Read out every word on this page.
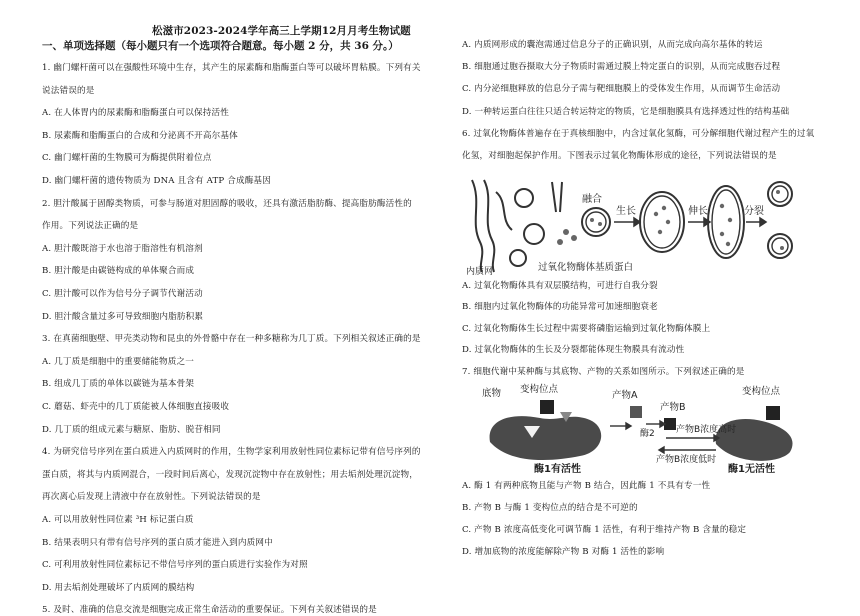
松滋市2023-2024学年高三上学期12月月考生物试题
一、单项选择题（每小题只有一个选项符合题意。每小题 2 分，共 36 分。）
1. 幽门螺杆菌可以在强酸性环境中生存，其产生的尿素酶和脂酶蛋白等可以破坏胃粘膜。下列有关
说法错误的是
A. 在人体胃内的尿素酶和脂酶蛋白可以保持活性
B. 尿素酶和脂酶蛋白的合成和分泌离不开高尔基体
C. 幽门螺杆菌的生物膜可为酶提供附着位点
D. 幽门螺杆菌的遗传物质为 DNA 且含有 ATP 合成酶基因
2. 胆汁酸属于固醇类物质，可参与肠道对胆固醇的吸收，还具有激活脂肪酶、提高脂肪酶活性的
作用。下列说法正确的是
A. 胆汁酸既溶于水也溶于脂溶性有机溶剂
B. 胆汁酸是由碳链构成的单体聚合而成
C. 胆汁酸可以作为信号分子调节代谢活动
D. 胆汁酸含量过多可导致细胞内脂肪积累
3. 在真菌细胞壁、甲壳类动物和昆虫的外骨骼中存在一种多糖称为几丁质。下列相关叙述正确的是
A. 几丁质是细胞中的重要储能物质之一
B. 组成几丁质的单体以碳链为基本骨架
C. 蘑菇、虾壳中的几丁质能被人体细胞直接吸收
D. 几丁质的组成元素与糖原、脂肪、脱苷相同
4. 为研究信号序列在蛋白质进入内质网时的作用，生物学家利用放射性同位素标记带有信号序列的
蛋白质，将其与内质网混合，一段时间后离心，发现沉淀物中存在放射性；用去垢剂处理沉淀物，
再次离心后发现上清液中存在放射性。下列说法错误的是
A. 可以用放射性同位素 ³H 标记蛋白质
B. 结果表明只有带有信号序列的蛋白质才能进入到内质网中
C. 可利用放射性同位素标记不带信号序列的蛋白质进行实验作为对照
D. 用去垢剂处理破坏了内质网的膜结构
5. 及时、准确的信息交流是细胞完成正常生命活动的重要保证。下列有关叙述错误的是
A. 内质网形成的囊泡需通过信息分子的正确识别，从而完成向高尔基体的转运
B. 细胞通过胞吞摄取大分子物质时需通过膜上特定蛋白的识别，从而完成胞吞过程
C. 内分泌细胞释放的信息分子需与靶细胞膜上的受体发生作用，从而调节生命活动
D. 一种转运蛋白往往只适合转运特定的物质，它是细胞膜具有选择透过性的结构基础
6. 过氧化物酶体普遍存在于真核细胞中，内含过氧化氢酶，可分解细胞代谢过程产生的过氧
化氢，对细胞起保护作用。下图表示过氧化物酶体形成的途径，下列说法错误的是
融合
生长	伸长	分裂
过氧化物酶体基质蛋白
内质网
A. 过氧化物酶体具有双层膜结构，可进行自我分裂
B. 细胞内过氧化物酶体的功能异常可加速细胞衰老
C. 过氧化物酶体生长过程中需要将磷脂运输到过氧化物酶体膜上
D. 过氧化物酶体的生长及分裂都能体现生物膜具有流动性
7. 细胞代谢中某种酶与其底物、产物的关系如图所示。下列叙述正确的是
底物 变构位点
产物A
酶2
产物B
产物B浓度高时
产物B浓度低时
变构位点
酶1有活性	酶1无活性
A. 酶 1 有两种底物且能与产物 B 结合，因此酶 1 不具有专一性
B. 产物 B 与酶 1 变构位点的结合是不可逆的
C. 产物 B 浓度高低变化可调节酶 1 活性，有利于维持产物 B 含量的稳定
D. 增加底物的浓度能解除产物 B 对酶 1 活性的影响
